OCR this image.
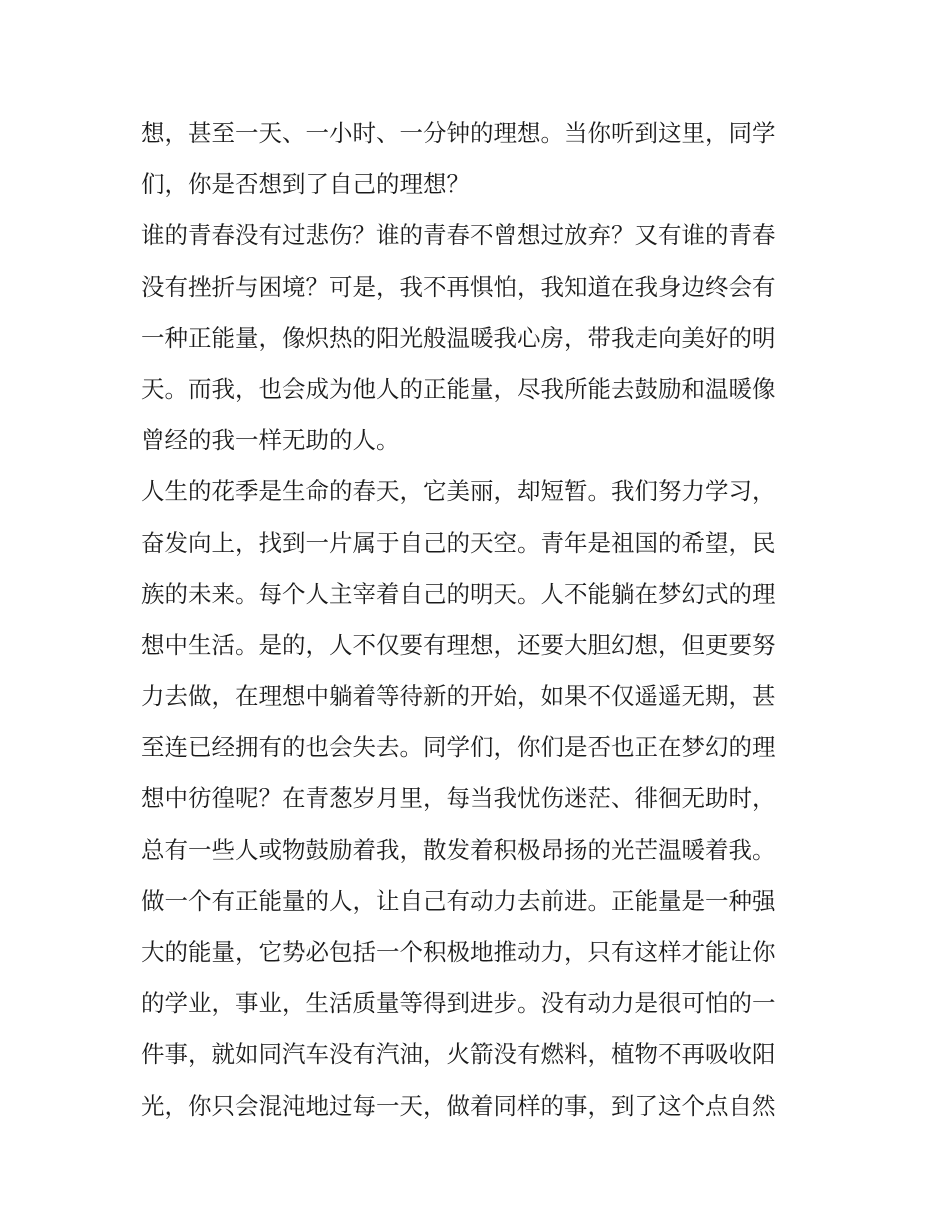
想，甚至一天、一小时、一分钟的理想。当你听到这里，同学
们，你是否想到了自己的理想？
谁的青春没有过悲伤？谁的青春不曾想过放弃？又有谁的青春
没有挫折与困境？可是，我不再惧怕，我知道在我身边终会有
一种正能量，像炽热的阳光般温暖我心房，带我走向美好的明
天。而我，也会成为他人的正能量，尽我所能去鼓励和温暖像
曾经的我一样无助的人。
人生的花季是生命的春天，它美丽，却短暂。我们努力学习，
奋发向上，找到一片属于自己的天空。青年是祖国的希望，民
族的未来。每个人主宰着自己的明天。人不能躺在梦幻式的理
想中生活。是的，人不仅要有理想，还要大胆幻想，但更要努
力去做，在理想中躺着等待新的开始，如果不仅遥遥无期，甚
至连已经拥有的也会失去。同学们，你们是否也正在梦幻的理
想中彷徨呢？在青葱岁月里，每当我忧伤迷茫、徘徊无助时，
总有一些人或物鼓励着我，散发着积极昂扬的光芒温暖着我。
做一个有正能量的人，让自己有动力去前进。正能量是一种强
大的能量，它势必包括一个积极地推动力，只有这样才能让你
的学业，事业，生活质量等得到进步。没有动力是很可怕的一
件事，就如同汽车没有汽油，火箭没有燃料，植物不再吸收阳
光，你只会混沌地过每一天，做着同样的事，到了这个点自然
